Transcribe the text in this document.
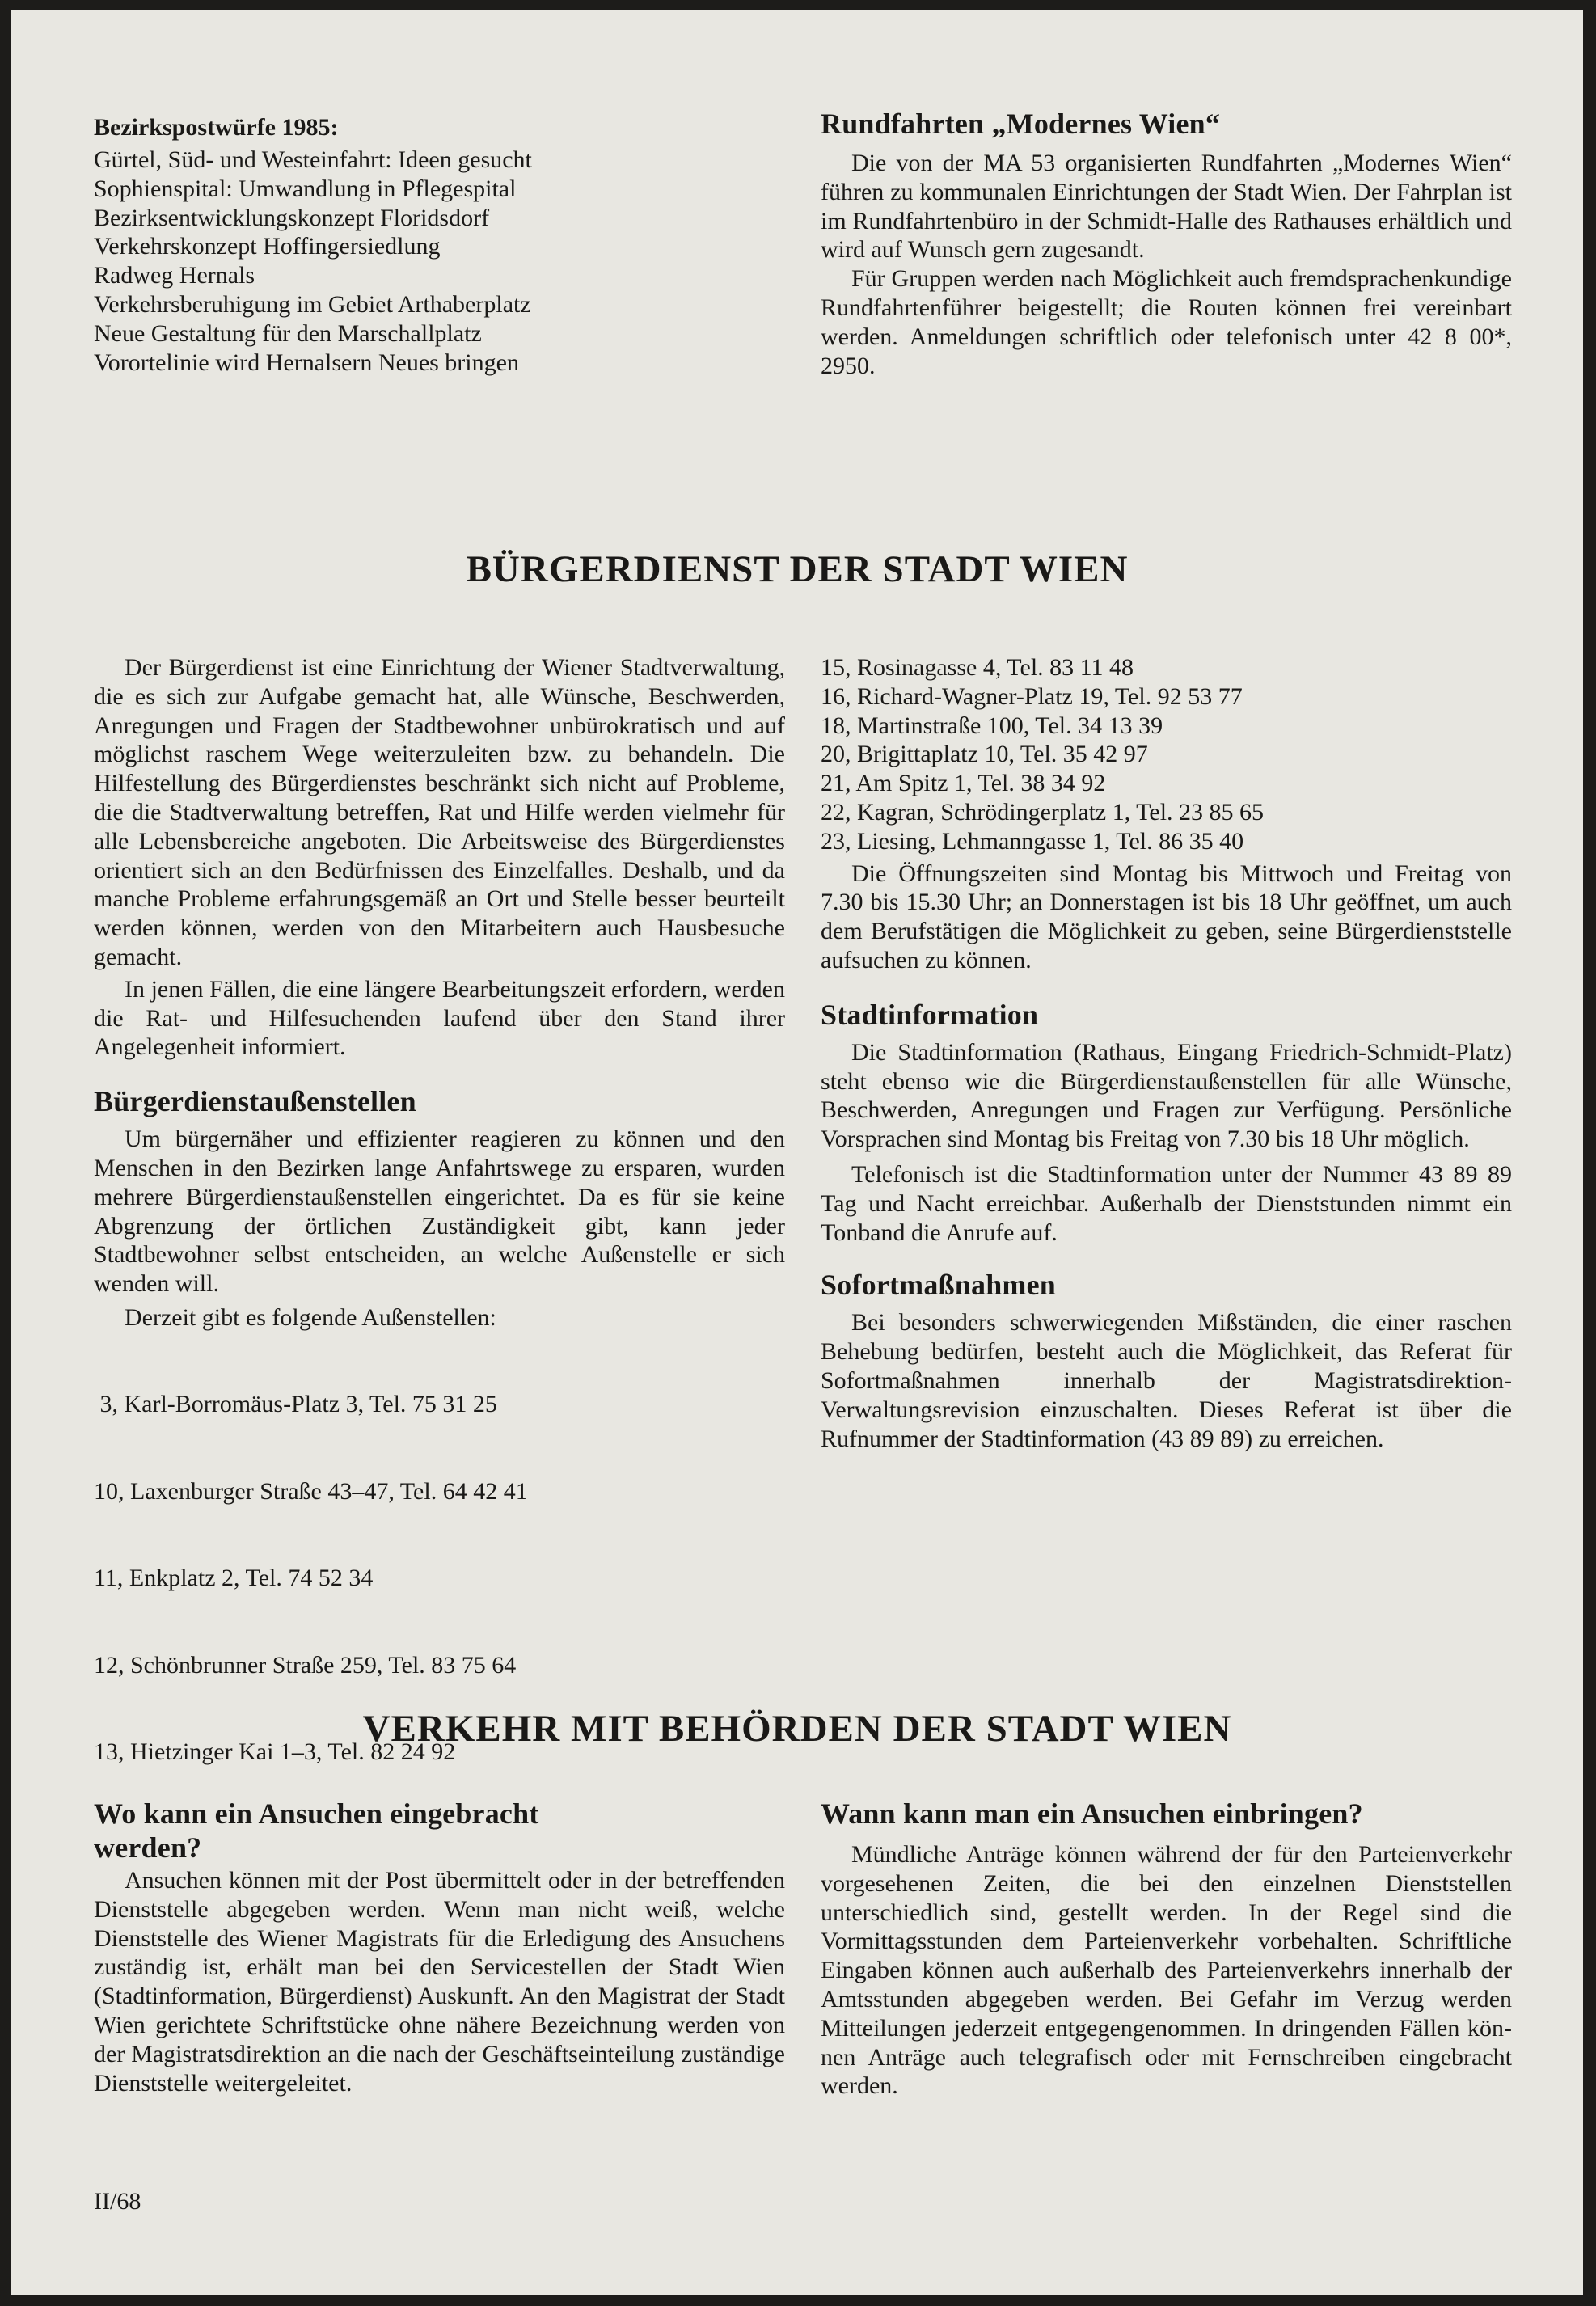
Bezirkspostwürfe 1985:
Gürtel, Süd- und Westeinfahrt: Ideen gesucht
Sophienspital: Umwandlung in Pflegespital
Bezirksentwicklungskonzept Floridsdorf
Verkehrskonzept Hoffingersiedlung
Radweg Hernals
Verkehrsberuhigung im Gebiet Arthaberplatz
Neue Gestaltung für den Marschallplatz
Vorortelinie wird Hernalsern Neues bringen
Rundfahrten „Modernes Wien“

Die von der MA 53 organisierten Rundfahrten „Modernes Wien“ führen zu kommunalen Einrichtungen der Stadt Wien. Der Fahrplan ist im Rundfahrtenbüro in der Schmidt-Halle des Rathauses erhältlich und wird auf Wunsch gern zugesandt.

Für Gruppen werden nach Möglichkeit auch fremdsprachenkundige Rundfahrtenführer beigestellt; die Routen können frei vereinbart werden. Anmeldungen schriftlich oder telefonisch unter 42 8 00*, 2950.

BÜRGERDIENST DER STADT WIEN

Der Bürgerdienst ist eine Einrichtung der Wiener Stadtverwaltung, die es sich zur Aufgabe gemacht hat, alle Wünsche, Beschwerden, Anregungen und Fragen der Stadtbewohner unbürokratisch und auf möglichst raschem Wege weiterzuleiten bzw. zu behandeln. Die Hilfestellung des Bürgerdienstes beschränkt sich nicht auf Probleme, die die Stadtverwaltung betreffen, Rat und Hilfe werden vielmehr für alle Lebensbereiche angeboten. Die Arbeitsweise des Bürgerdienstes orientiert sich an den Bedürfnissen des Einzelfalles. Deshalb, und da manche Probleme erfahrungsgemäß an Ort und Stelle besser beurteilt werden können, werden von den Mitarbeitern auch Hausbesuche gemacht.

In jenen Fällen, die eine längere Bearbeitungszeit erfordern, werden die Rat- und Hilfesuchenden laufend über den Stand ihrer Angelegenheit informiert.

Bürgerdienstaußenstellen

Um bürgernäher und effizienter reagieren zu können und den Menschen in den Bezirken lange Anfahrtswege zu ersparen, wurden mehrere Bürgerdienstaußenstellen eingerichtet. Da es für sie keine Abgrenzung der örtlichen Zuständigkeit gibt, kann jeder Stadtbewohner selbst entscheiden, an welche Außenstelle er sich wenden will.

Derzeit gibt es folgende Außenstellen:

3, Karl-Borromäus-Platz 3, Tel. 75 31 25

10, Laxenburger Straße 43–47, Tel. 64 42 41

11, Enkplatz 2, Tel. 74 52 34

12, Schönbrunner Straße 259, Tel. 83 75 64

13, Hietzinger Kai 1–3, Tel. 82 24 92

15, Rosinagasse 4, Tel. 83 11 48
16, Richard-Wagner-Platz 19, Tel. 92 53 77
18, Martinstraße 100, Tel. 34 13 39
20, Brigittaplatz 10, Tel. 35 42 97
21, Am Spitz 1, Tel. 38 34 92
22, Kagran, Schrödingerplatz 1, Tel. 23 85 65
23, Liesing, Lehmanngasse 1, Tel. 86 35 40

Die Öffnungszeiten sind Montag bis Mittwoch und Freitag von 7.30 bis 15.30 Uhr; an Donnerstagen ist bis 18 Uhr geöffnet, um auch dem Berufstätigen die Möglichkeit zu geben, seine Bürgerdienststelle aufsuchen zu können.

Stadtinformation

Die Stadtinformation (Rathaus, Eingang Friedrich-Schmidt-Platz) steht ebenso wie die Bürgerdienstaußenstellen für alle Wünsche, Beschwerden, Anregungen und Fragen zur Verfügung. Persönliche Vorsprachen sind Montag bis Freitag von 7.30 bis 18 Uhr möglich.

Telefonisch ist die Stadtinformation unter der Nummer 43 89 89 Tag und Nacht erreichbar. Außerhalb der Dienststunden nimmt ein Tonband die Anrufe auf.

Sofortmaßnahmen

Bei besonders schwerwiegenden Mißständen, die einer raschen Behebung bedürfen, besteht auch die Möglichkeit, das Referat für Sofortmaßnahmen innerhalb der Magistratsdirektion-Verwaltungsrevision einzuschalten. Dieses Referat ist über die Rufnummer der Stadtinformation (43 89 89) zu erreichen.

VERKEHR MIT BEHÖRDEN DER STADT WIEN
Wo kann ein Ansuchen eingebracht
werden?

Ansuchen können mit der Post übermittelt oder in der betreffenden Dienststelle abgegeben werden. Wenn man nicht weiß, welche Dienststelle des Wiener Magistrats für die Erledigung des Ansuchens zuständig ist, erhält man bei den Servicestellen der Stadt Wien (Stadtinformation, Bürgerdienst) Auskunft. An den Magistrat der Stadt Wien gerichtete Schriftstücke ohne nähere Bezeichnung werden von der Magistratsdirektion an die nach der Geschäftseinteilung zuständige Dienststelle weitergeleitet.

Wann kann man ein Ansuchen einbringen?

Mündliche Anträge können während der für den Parteienverkehr vorgesehenen Zeiten, die bei den einzelnen Dienststellen unterschiedlich sind, gestellt werden. In der Regel sind die Vormittagsstunden dem Parteienverkehr vorbehalten. Schriftliche Eingaben können auch außerhalb des Parteienverkehrs innerhalb der Amtsstunden abgegeben werden. Bei Gefahr im Verzug werden Mitteilungen jederzeit entgegengenommen. In dringenden Fällen können Anträge auch telegrafisch oder mit Fernschreiben eingebracht werden.

II/68
